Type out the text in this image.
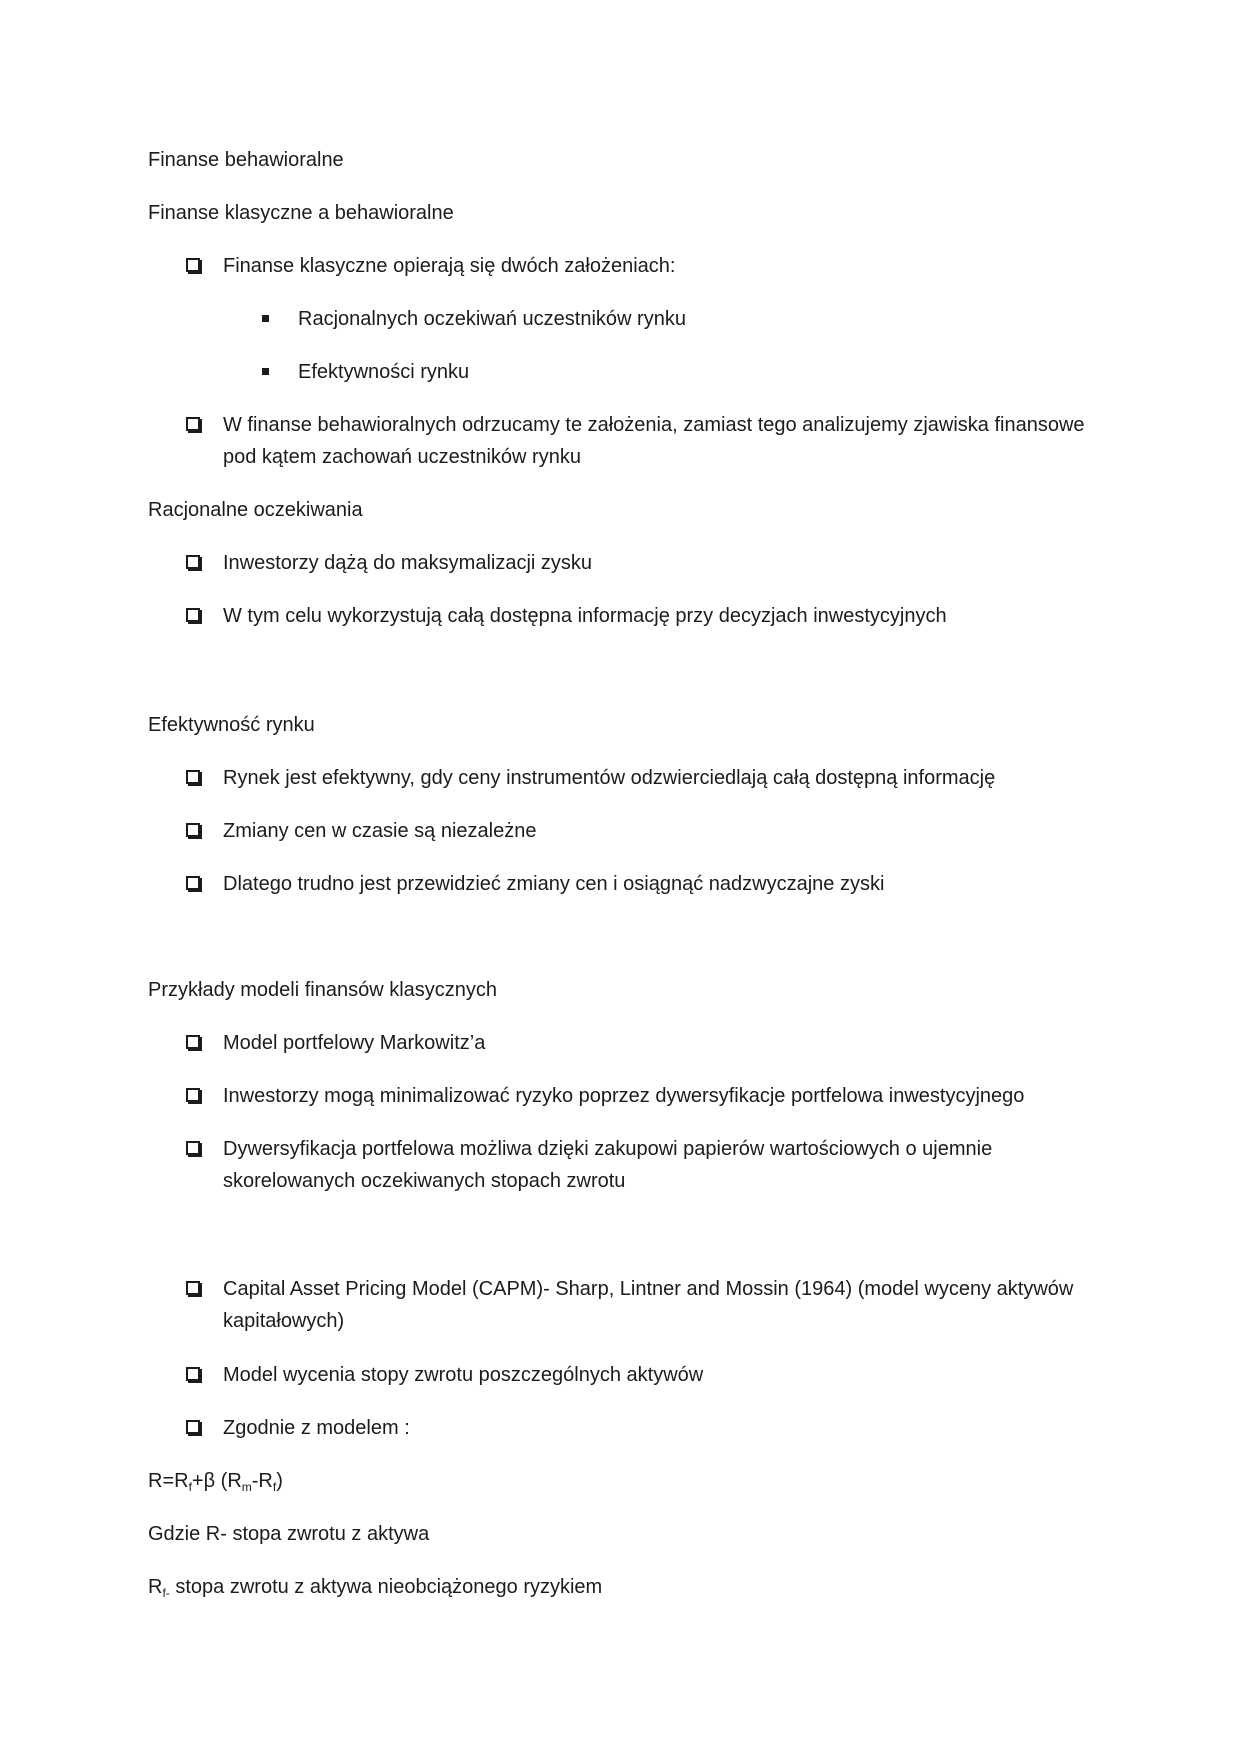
Finanse behawioralne
Finanse klasyczne a behawioralne
Finanse klasyczne opierają się dwóch założeniach:
Racjonalnych oczekiwań uczestników rynku
Efektywności rynku
W finanse behawioralnych odrzucamy te założenia, zamiast tego analizujemy zjawiska finansowe pod kątem zachowań uczestników rynku
Racjonalne oczekiwania
Inwestorzy dążą do maksymalizacji zysku
W tym celu wykorzystują całą dostępna informację przy decyzjach inwestycyjnych
Efektywność rynku
Rynek jest efektywny, gdy ceny instrumentów odzwierciedlają całą dostępną informację
Zmiany cen w czasie są niezależne
Dlatego trudno jest przewidzieć zmiany cen i osiągnąć nadzwyczajne zyski
Przykłady modeli finansów klasycznych
Model portfelowy Markowitz’a
Inwestorzy mogą minimalizować ryzyko poprzez dywersyfikacje portfelowa inwestycyjnego
Dywersyfikacja portfelowa możliwa dzięki zakupowi papierów wartościowych o ujemnie skorelowanych oczekiwanych stopach zwrotu
Capital Asset Pricing Model (CAPM)- Sharp, Lintner and Mossin (1964) (model wyceny aktywów kapitałowych)
Model wycenia stopy zwrotu poszczególnych aktywów
Zgodnie z modelem :
$R=R_f+\beta$ $(R_m-R_f)$
Gdzie R- stopa zwrotu z aktywa
$R_{f-}$ stopa zwrotu z aktywa nieobciążonego ryzykiem
